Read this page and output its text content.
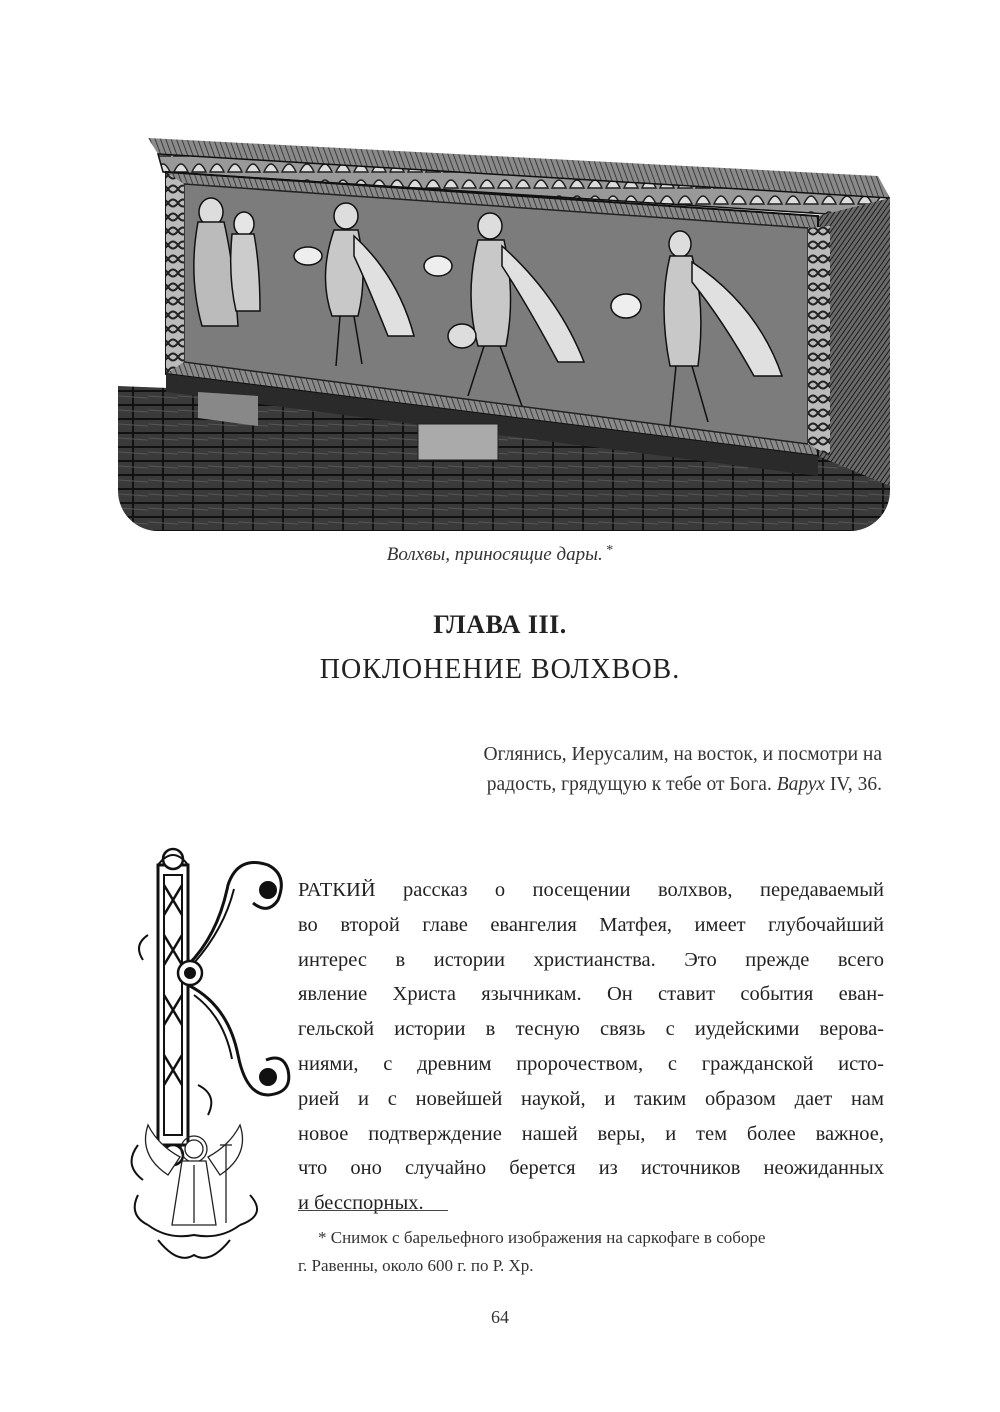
Волхвы, приносящие дары. *
ГЛАВА III.
ПОКЛОНЕНИЕ ВОЛХВОВ.
Оглянись, Иерусалим, на восток, и посмотри на
радость, грядущую к тебе от Бога. Варух IV, 36.
РАТКИЙ рассказ о посещении волхвов, передаваемый
во второй главе евангелия Матфея, имеет глубочайший
интерес в истории христианства. Это прежде всего
явление Христа язычникам. Он ставит события еван-
гельской истории в тесную связь с иудейскими верова-
ниями, с древним пророчеством, с гражданской исто-
рией и с новейшей наукой, и таким образом дает нам
новое подтверждение нашей веры, и тем более важное,
что оно случайно берется из источников неожиданных
и бесспорных.
* Снимок с барельефного изображения на саркофаге в соборе
г. Равенны, около 600 г. по Р. Хр.
64
